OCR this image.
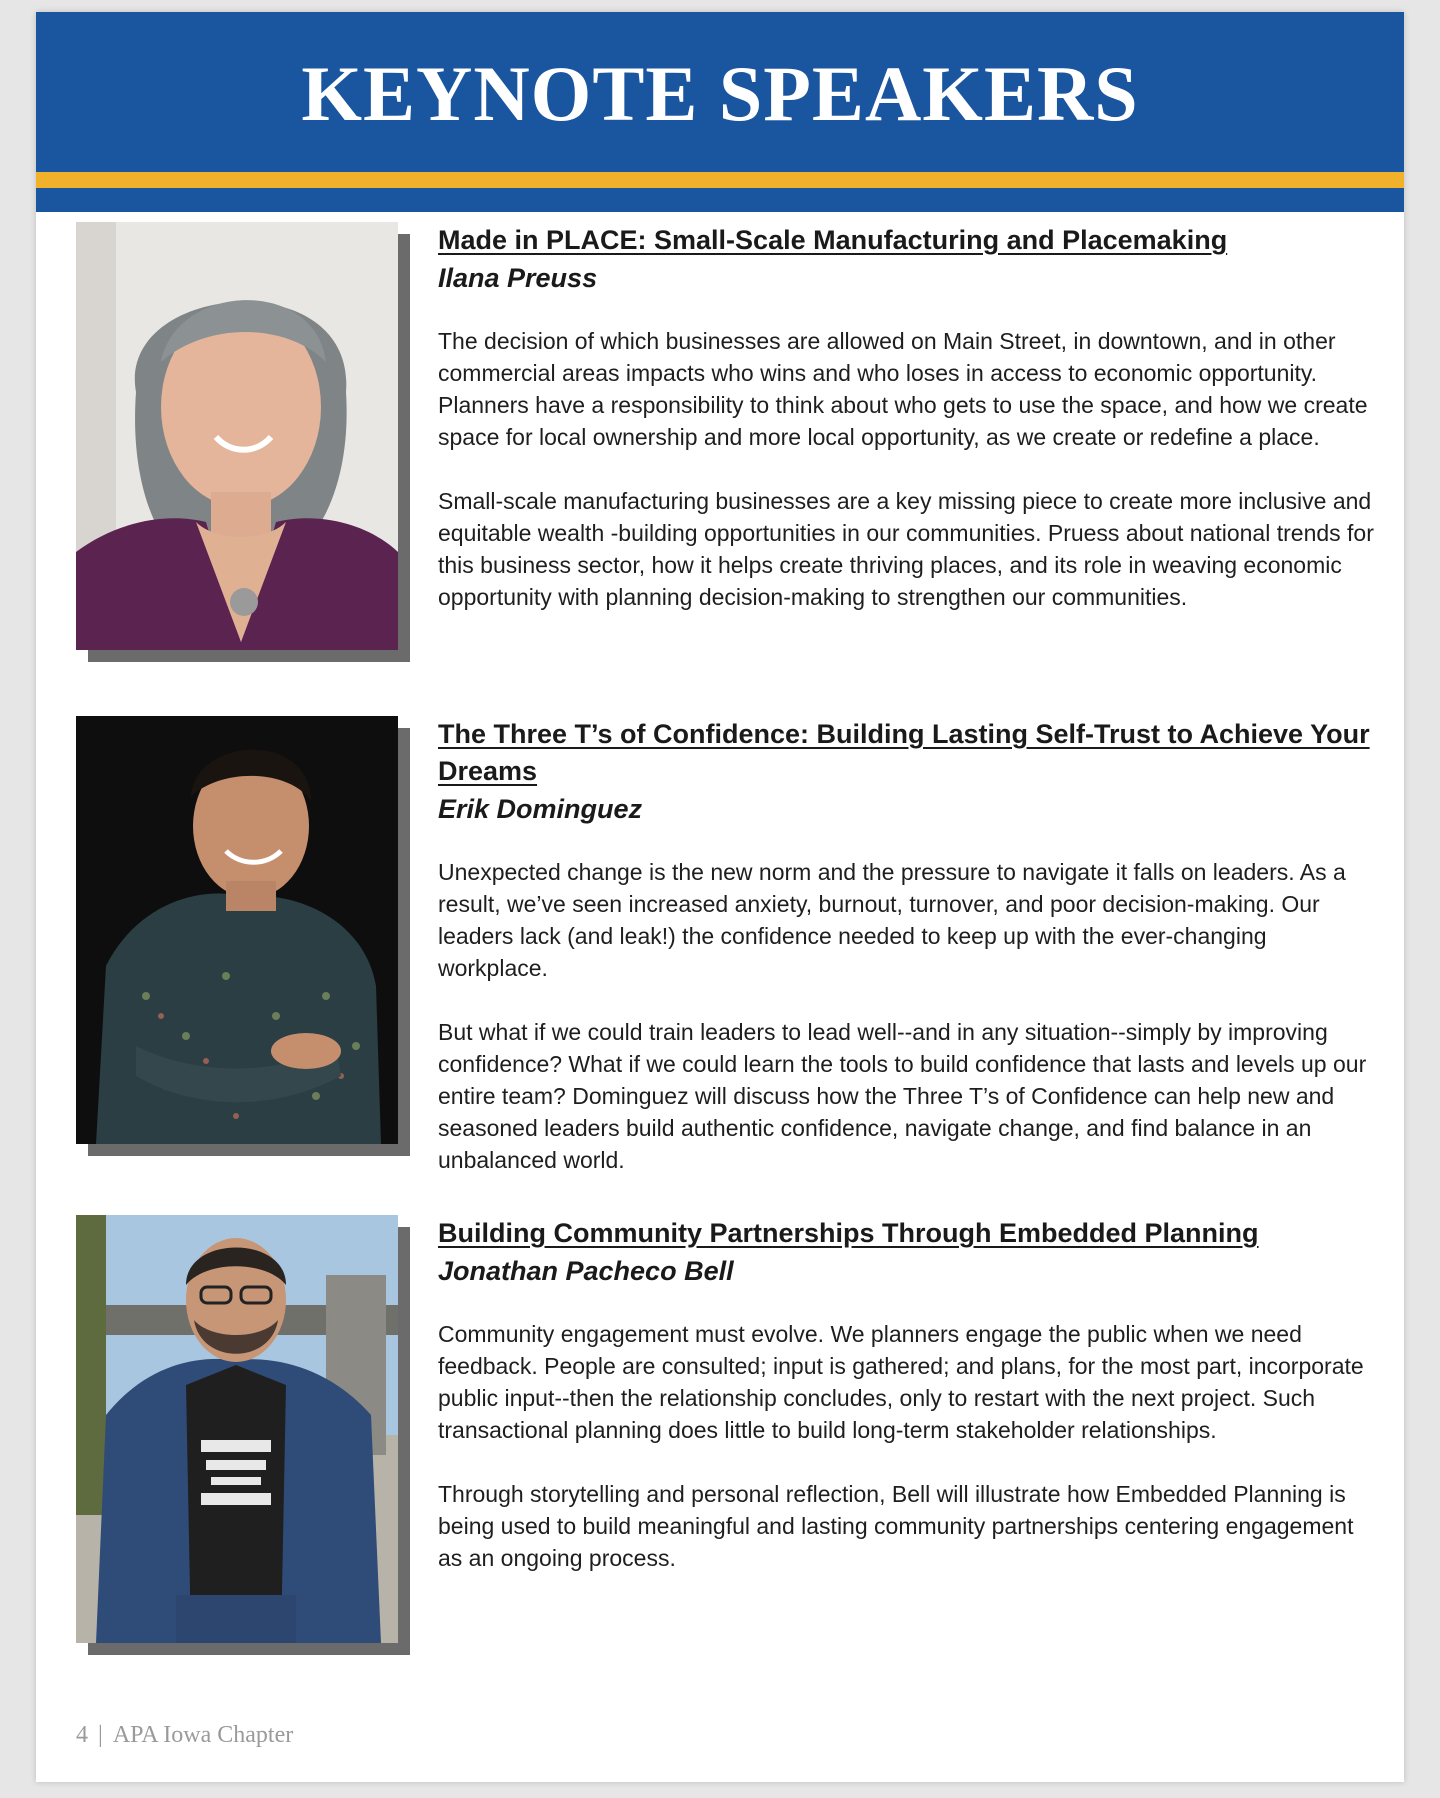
KEYNOTE SPEAKERS

Made in PLACE: Small-Scale Manufacturing and Placemaking

Ilana Preuss

The decision of which businesses are allowed on Main Street, in downtown, and in other commercial areas impacts who wins and who loses in access to economic opportunity. Planners have a responsibility to think about who gets to use the space, and how we create space for local ownership and more local opportunity, as we create or redefine a place.

Small-scale manufacturing businesses are a key missing piece to create more inclusive and equitable wealth -building opportunities in our communities. Pruess about national trends for this business sector, how it helps create thriving places, and its role in weaving economic opportunity with planning decision-making to strengthen our communities.

The Three T’s of Confidence: Building Lasting Self-Trust to Achieve Your Dreams

Erik Dominguez

Unexpected change is the new norm and the pressure to navigate it falls on leaders. As a result, we’ve seen increased anxiety, burnout, turnover, and poor decision-making. Our leaders lack (and leak!) the confidence needed to keep up with the ever-changing workplace.

But what if we could train leaders to lead well--and in any situation--simply by improving confidence? What if we could learn the tools to build confidence that lasts and levels up our entire team? Dominguez will discuss how the Three T’s of Confidence can help new and seasoned leaders build authentic confidence, navigate change, and find balance in an unbalanced world.

Building Community Partnerships Through Embedded Planning

Jonathan Pacheco Bell

Community engagement must evolve. We planners engage the public when we need feedback. People are consulted; input is gathered; and plans, for the most part, incorporate public input--then the relationship concludes, only to restart with the next project. Such transactional planning does little to build long-term stakeholder relationships.

Through storytelling and personal reflection, Bell will illustrate how Embedded Planning is being used to build meaningful and lasting community partnerships centering engagement as an ongoing process.

4 | APA Iowa Chapter
